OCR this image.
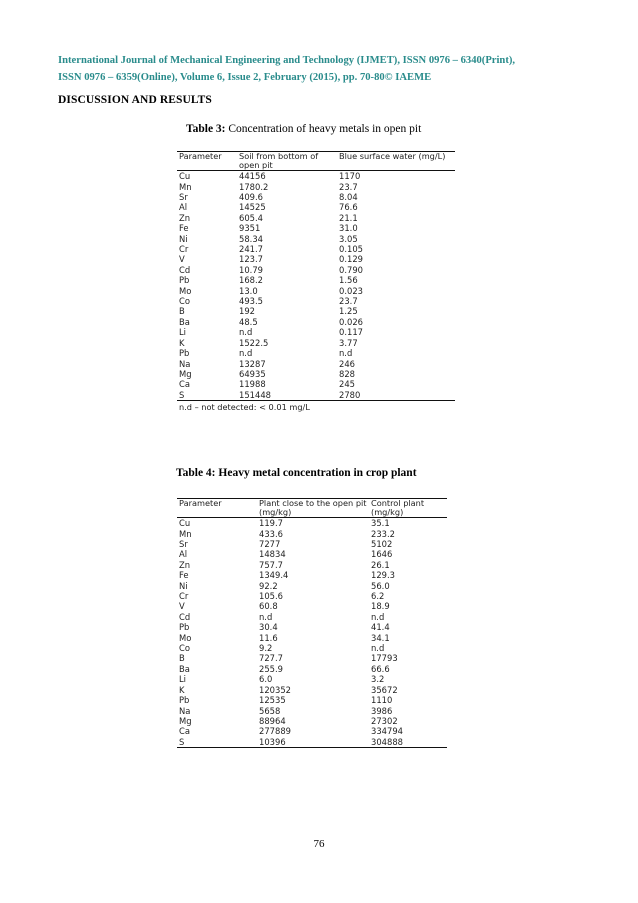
International Journal of Mechanical Engineering and Technology (IJMET), ISSN 0976 – 6340(Print),
ISSN 0976 – 6359(Online), Volume 6, Issue 2, February (2015), pp. 70-80© IAEME
DISCUSSION AND RESULTS
Table 3: Concentration of heavy metals in open pit
Parameter	Soil from bottom of open pit	Blue surface water (mg/L)
Cu	44156	1170
Mn	1780.2	23.7
Sr	409.6	8.04
Al	14525	76.6
Zn	605.4	21.1
Fe	9351	31.0
Ni	58.34	3.05
Cr	241.7	0.105
V	123.7	0.129
Cd	10.79	0.790
Pb	168.2	1.56
Mo	13.0	0.023
Co	493.5	23.7
B	192	1.25
Ba	48.5	0.026
Li	n.d	0.117
K	1522.5	3.77
Pb	n.d	n.d
Na	13287	246
Mg	64935	828
Ca	11988	245
S	151448	2780
n.d – not detected: < 0.01 mg/L
Table 4: Heavy metal concentration in crop plant
Parameter	Plant close to the open pit (mg/kg)	Control plant (mg/kg)
Cu	119.7	35.1
Mn	433.6	233.2
Sr	7277	5102
Al	14834	1646
Zn	757.7	26.1
Fe	1349.4	129.3
Ni	92.2	56.0
Cr	105.6	6.2
V	60.8	18.9
Cd	n.d	n.d
Pb	30.4	41.4
Mo	11.6	34.1
Co	9.2	n.d
B	727.7	17793
Ba	255.9	66.6
Li	6.0	3.2
K	120352	35672
Pb	12535	1110
Na	5658	3986
Mg	88964	27302
Ca	277889	334794
S	10396	304888
76
